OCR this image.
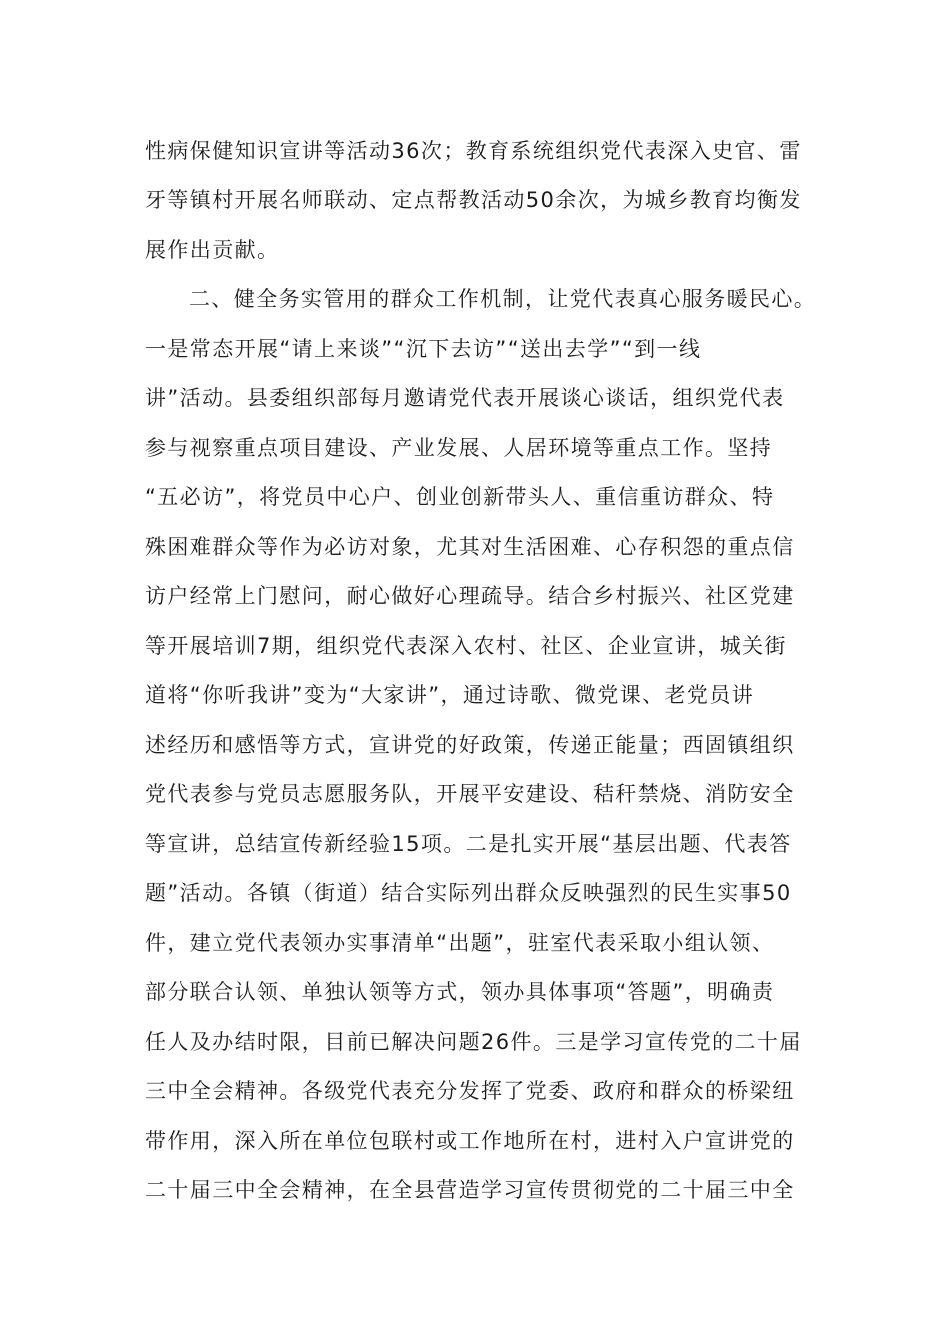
性病保健知识宣讲等活动36次；教育系统组织党代表深入史官、雷
牙等镇村开展名师联动、定点帮教活动50余次，为城乡教育均衡发
展作出贡献。
二、健全务实管用的群众工作机制，让党代表真心服务暖民心。
一是常态开展“请上来谈”“沉下去访”“送出去学”“到一线
讲”活动。县委组织部每月邀请党代表开展谈心谈话，组织党代表
参与视察重点项目建设、产业发展、人居环境等重点工作。坚持
“五必访”，将党员中心户、创业创新带头人、重信重访群众、特
殊困难群众等作为必访对象，尤其对生活困难、心存积怨的重点信
访户经常上门慰问，耐心做好心理疏导。结合乡村振兴、社区党建
等开展培训7期，组织党代表深入农村、社区、企业宣讲，城关街
道将“你听我讲”变为“大家讲”，通过诗歌、微党课、老党员讲
述经历和感悟等方式，宣讲党的好政策，传递正能量；西固镇组织
党代表参与党员志愿服务队，开展平安建设、秸秆禁烧、消防安全
等宣讲，总结宣传新经验15项。二是扎实开展“基层出题、代表答
题”活动。各镇（街道）结合实际列出群众反映强烈的民生实事50
件，建立党代表领办实事清单“出题”，驻室代表采取小组认领、
部分联合认领、单独认领等方式，领办具体事项“答题”，明确责
任人及办结时限，目前已解决问题26件。三是学习宣传党的二十届
三中全会精神。各级党代表充分发挥了党委、政府和群众的桥梁纽
带作用，深入所在单位包联村或工作地所在村，进村入户宣讲党的
二十届三中全会精神，在全县营造学习宣传贯彻党的二十届三中全
